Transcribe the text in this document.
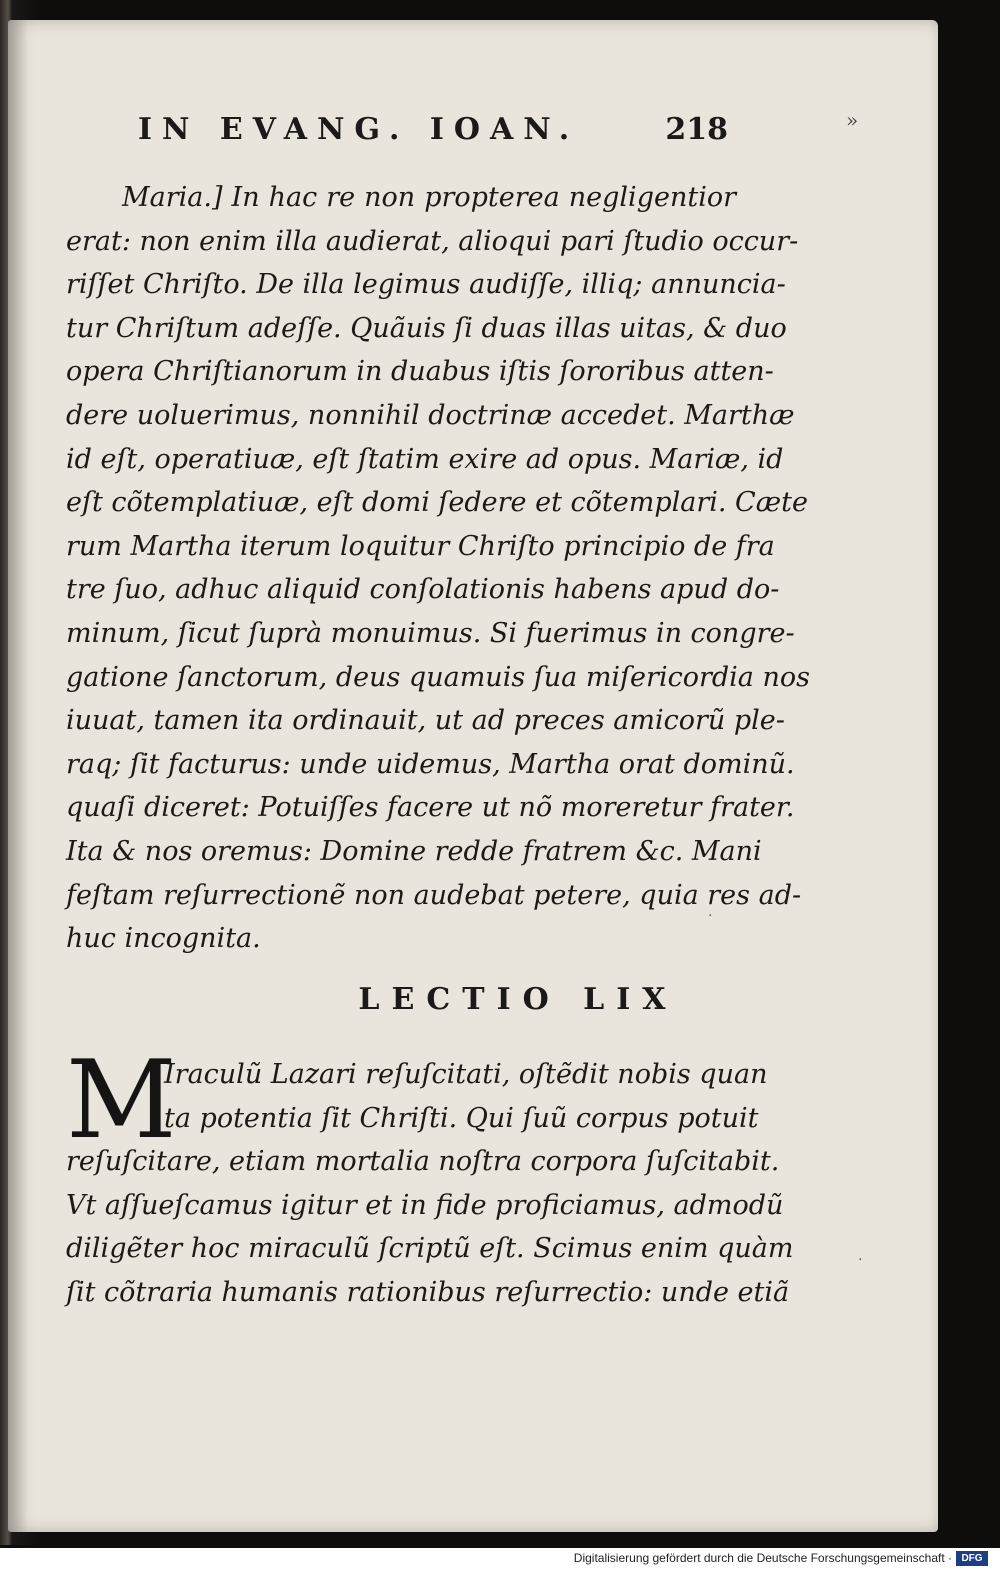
IN EVANG. IOAN.	218
Maria.] In hac re non propterea negligentior
erat: non enim illa audierat, alioqui pari ſtudio occur-
riſſet Chriſto. De illa legimus audiſſe, illiq; annuncia-
tur Chriſtum adeſſe. Quãuis ſi duas illas uitas, & duo
opera Chriſtianorum in duabus iſtis ſororibus atten-
dere uoluerimus, nonnihil doctrinæ accedet. Marthæ
id eſt, operatiuæ, eſt ſtatim exire ad opus. Mariæ, id
eſt cõtemplatiuæ, eſt domi ſedere et cõtemplari. Cæte
rum Martha iterum loquitur Chriſto principio de fra
tre ſuo, adhuc aliquid conſolationis habens apud do-
minum, ſicut ſuprà monuimus. Si fuerimus in congre-
gatione ſanctorum, deus quamuis ſua miſericordia nos
iuuat, tamen ita ordinauit, ut ad preces amicorũ ple-
raq; ſit facturus: unde uidemus, Martha orat dominũ.
quaſi diceret: Potuiſſes facere ut nõ moreretur frater.
Ita & nos oremus: Domine redde fratrem &c. Mani
feſtam reſurrectionẽ non audebat petere, quia res ad-
huc incognita.
LECTIO LIX
M
Iraculũ Lazari reſuſcitati, oſtẽdit nobis quan
ta potentia ſit Chriſti. Qui ſuũ corpus potuit
reſuſcitare, etiam mortalia noſtra corpora ſuſcitabit.
Vt aſſueſcamus igitur et in fide proficiamus, admodũ
diligẽter hoc miraculũ ſcriptũ eſt. Scimus enim quàm
ſit cõtraria humanis rationibus reſurrectio: unde etiã
·
·
»
Digitalisierung gefördert durch die Deutsche Forschungsgemeinschaft · DFG
